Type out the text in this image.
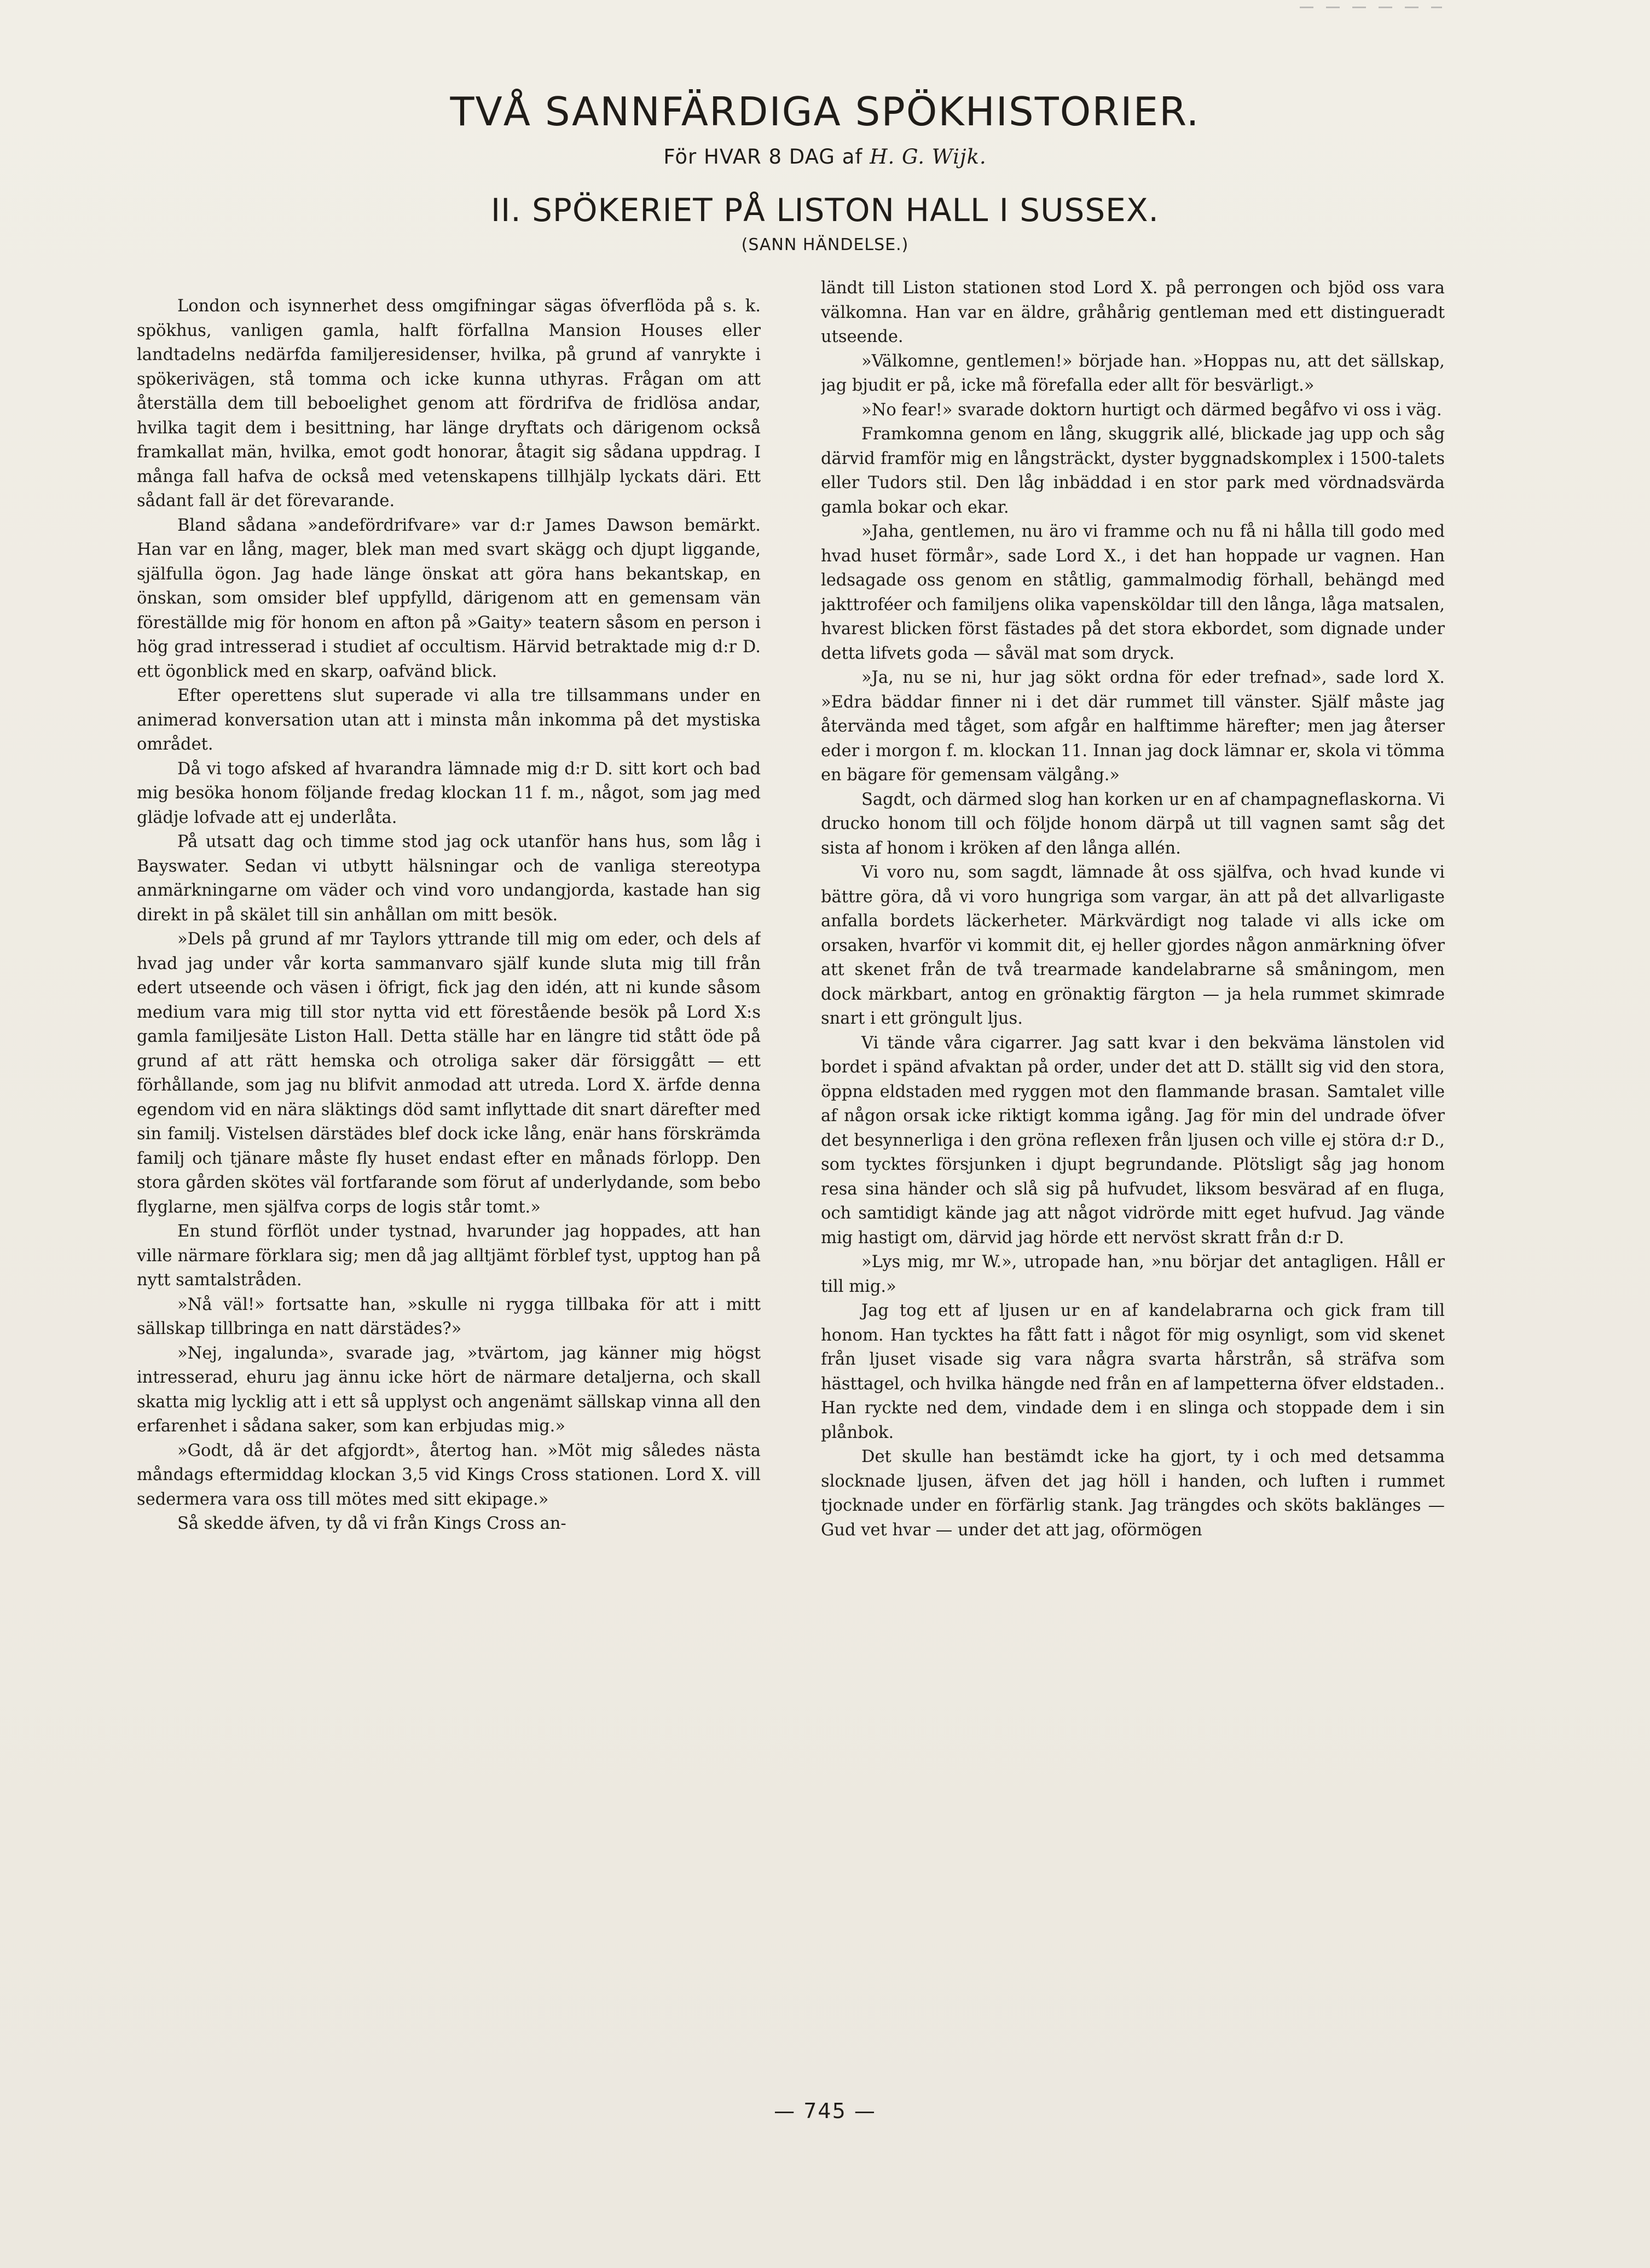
TVÅ SANNFÄRDIGA SPÖKHISTORIER.
För HVAR 8 DAG af H. G. Wijk.
II. SPÖKERIET PÅ LISTON HALL I SUSSEX.
(SANN HÄNDELSE.)

London och isynnerhet dess omgifningar sägas öfverflöda på s. k. spökhus, vanligen gamla, halft förfallna Mansion Houses eller landtadelns nedärfda familjeresidenser, hvilka, på grund af vanrykte i spökerivägen, stå tomma och icke kunna uthyras. Frågan om att återställa dem till beboelighet genom att fördrifva de fridlösa andar, hvilka tagit dem i besittning, har länge dryftats och därigenom också framkallat män, hvilka, emot godt honorar, åtagit sig sådana uppdrag. I många fall hafva de också med vetenskapens tillhjälp lyckats däri. Ett sådant fall är det förevarande.

Bland sådana »andefördrifvare» var d:r James Dawson bemärkt. Han var en lång, mager, blek man med svart skägg och djupt liggande, själfulla ögon. Jag hade länge önskat att göra hans bekantskap, en önskan, som omsider blef uppfylld, därigenom att en gemensam vän föreställde mig för honom en afton på »Gaity» teatern såsom en person i hög grad intresserad i studiet af occultism. Härvid betraktade mig d:r D. ett ögonblick med en skarp, oafvänd blick.

Efter operettens slut superade vi alla tre tillsammans under en animerad konversation utan att i minsta mån inkomma på det mystiska området.

Då vi togo afsked af hvarandra lämnade mig d:r D. sitt kort och bad mig besöka honom följande fredag klockan 11 f. m., något, som jag med glädje lofvade att ej underlåta.

På utsatt dag och timme stod jag ock utanför hans hus, som låg i Bayswater. Sedan vi utbytt hälsningar och de vanliga stereotypa anmärkningarne om väder och vind voro undangjorda, kastade han sig direkt in på skälet till sin anhållan om mitt besök.

»Dels på grund af mr Taylors yttrande till mig om eder, och dels af hvad jag under vår korta sammanvaro själf kunde sluta mig till från edert utseende och väsen i öfrigt, fick jag den idén, att ni kunde såsom medium vara mig till stor nytta vid ett förestående besök på Lord X:s gamla familjesäte Liston Hall. Detta ställe har en längre tid stått öde på grund af att rätt hemska och otroliga saker där försiggått — ett förhållande, som jag nu blifvit anmodad att utreda. Lord X. ärfde denna egendom vid en nära släktings död samt inflyttade dit snart därefter med sin familj. Vistelsen därstädes blef dock icke lång, enär hans förskrämda familj och tjänare måste fly huset endast efter en månads förlopp. Den stora gården skötes väl fortfarande som förut af underlydande, som bebo flyglarne, men själfva corps de logis står tomt.»

En stund förflöt under tystnad, hvarunder jag hoppades, att han ville närmare förklara sig; men då jag alltjämt förblef tyst, upptog han på nytt samtalstråden.

»Nå väl!» fortsatte han, »skulle ni rygga tillbaka för att i mitt sällskap tillbringa en natt därstädes?»

»Nej, ingalunda», svarade jag, »tvärtom, jag känner mig högst intresserad, ehuru jag ännu icke hört de närmare detaljerna, och skall skatta mig lycklig att i ett så upplyst och angenämt sällskap vinna all den erfarenhet i sådana saker, som kan erbjudas mig.»

»Godt, då är det afgjordt», återtog han. »Möt mig således nästa måndags eftermiddag klockan 3,5 vid Kings Cross stationen. Lord X. vill sedermera vara oss till mötes med sitt ekipage.»

Så skedde äfven, ty då vi från Kings Cross an-

ländt till Liston stationen stod Lord X. på perrongen och bjöd oss vara välkomna. Han var en äldre, gråhårig gentleman med ett distingueradt utseende.

»Välkomne, gentlemen!» började han. »Hoppas nu, att det sällskap, jag bjudit er på, icke må förefalla eder allt för besvärligt.»

»No fear!» svarade doktorn hurtigt och därmed begåfvo vi oss i väg.

Framkomna genom en lång, skuggrik allé, blickade jag upp och såg därvid framför mig en långsträckt, dyster byggnadskomplex i 1500-talets eller Tudors stil. Den låg inbäddad i en stor park med vördnadsvärda gamla bokar och ekar.

»Jaha, gentlemen, nu äro vi framme och nu få ni hålla till godo med hvad huset förmår», sade Lord X., i det han hoppade ur vagnen. Han ledsagade oss genom en ståtlig, gammalmodig förhall, behängd med jakttroféer och familjens olika vapensköldar till den långa, låga matsalen, hvarest blicken först fästades på det stora ekbordet, som dignade under detta lifvets goda — såväl mat som dryck.

»Ja, nu se ni, hur jag sökt ordna för eder trefnad», sade lord X. »Edra bäddar finner ni i det där rummet till vänster. Själf måste jag återvända med tåget, som afgår en halftimme härefter; men jag återser eder i morgon f. m. klockan 11. Innan jag dock lämnar er, skola vi tömma en bägare för gemensam välgång.»

Sagdt, och därmed slog han korken ur en af champagneflaskorna. Vi drucko honom till och följde honom därpå ut till vagnen samt såg det sista af honom i kröken af den långa allén.

Vi voro nu, som sagdt, lämnade åt oss själfva, och hvad kunde vi bättre göra, då vi voro hungriga som vargar, än att på det allvarligaste anfalla bordets läckerheter. Märkvärdigt nog talade vi alls icke om orsaken, hvarför vi kommit dit, ej heller gjordes någon anmärkning öfver att skenet från de två trearmade kandelabrarne så småningom, men dock märkbart, antog en grönaktig färgton — ja hela rummet skimrade snart i ett gröngult ljus.

Vi tände våra cigarrer. Jag satt kvar i den bekväma länstolen vid bordet i spänd afvaktan på order, under det att D. ställt sig vid den stora, öppna eldstaden med ryggen mot den flammande brasan. Samtalet ville af någon orsak icke riktigt komma igång. Jag för min del undrade öfver det besynnerliga i den gröna reflexen från ljusen och ville ej störa d:r D., som tycktes försjunken i djupt begrundande. Plötsligt såg jag honom resa sina händer och slå sig på hufvudet, liksom besvärad af en fluga, och samtidigt kände jag att något vidrörde mitt eget hufvud. Jag vände mig hastigt om, därvid jag hörde ett nervöst skratt från d:r D.

»Lys mig, mr W.», utropade han, »nu börjar det antagligen. Håll er till mig.»

Jag tog ett af ljusen ur en af kandelabrarna och gick fram till honom. Han tycktes ha fått fatt i något för mig osynligt, som vid skenet från ljuset visade sig vara några svarta hårstrån, så sträfva som hästtagel, och hvilka hängde ned från en af lampetterna öfver eldstaden.. Han ryckte ned dem, vindade dem i en slinga och stoppade dem i sin plånbok.

Det skulle han bestämdt icke ha gjort, ty i och med detsamma slocknade ljusen, äfven det jag höll i handen, och luften i rummet tjocknade under en förfärlig stank. Jag trängdes och sköts baklänges — Gud vet hvar — under det att jag, oförmögen

— 745 —
